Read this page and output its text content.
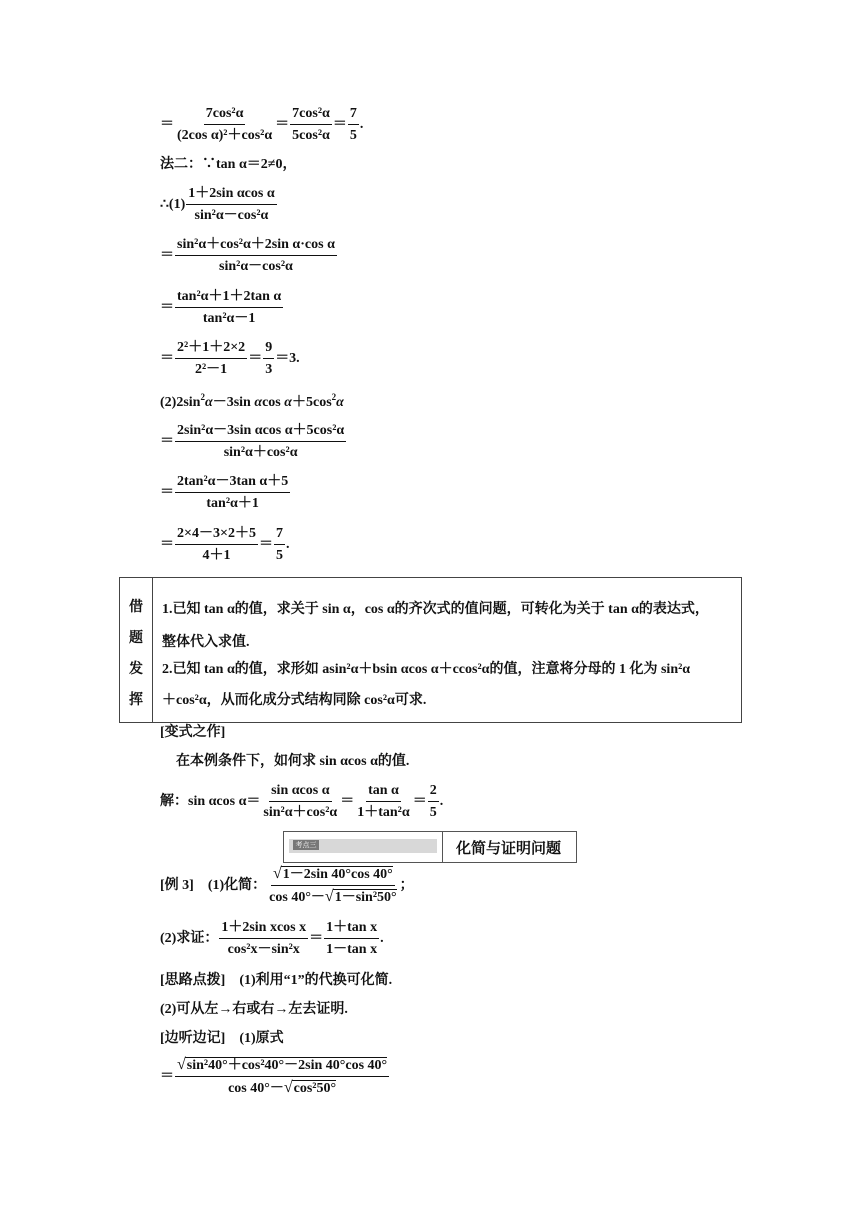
＝ $\frac{\text{7cos²α}}{\text{(2cos α)²＋cos²α}} = \frac{\text{7cos²α}}{\text{5cos²α}} = \frac{7}{5}$ .
法二：∵tan α＝2≠0，
∴(1) $\frac{\text{1＋2sin αcos α}}{\text{sin²α－cos²α}}$
＝ $\frac{\text{sin²α＋cos²α＋2sin α·cos α}}{\text{sin²α－cos²α}}$
＝ $\frac{\text{tan²α＋1＋2tan α}}{\text{tan²α－1}}$
＝ $\frac{\text{2²＋1＋2×2}}{\text{2²－1}} = \frac{9}{3} =3$.
$(2)2\sin^2\alpha-3\sin$ αcos $\alpha+5\cos^2\alpha$
＝ $\frac{\text{2sin²α－3sin αcos α＋5cos²α}}{\text{sin²α＋cos²α}}$
＝ $\frac{\text{2tan²α－3tan α＋5}}{\text{tan²α＋1}}$
＝ $\frac{2\times 4-3\times 2+5}{4+1} = \frac{7}{5}$ .
借
题
发
挥
1.已知 tan α的值，求关于 sin α，cos α的齐次式的值问题，可转化为关于 tan α的表达式，
整体代入求值.
2.已知 tan α的值，求形如 asin²α＋bsin αcos α＋ccos²α的值，注意将分母的 1 化为 sin²α
＋cos²α，从而化成分式结构同除 cos²α可求.
[变式之作]
在本例条件下，如何求 sin αcos α的值.
解：sin αcos $\alpha= \frac{\text{sin αcos α}}{\text{sin²α＋cos²α}} = \frac{\text{tan α}}{\text{1＋tan²α}} = \frac{2}{5}$ .
考点三	化简与证明问题
[例 3]　(1)化简： $\frac{√1-2\sin 40^\circ\cos 40^\circ}{\text{cos 40°－√1－sin²50°}}$ ；
(2)求证： $\frac{\text{1＋2sin xcos x}}{\text{cos²x－sin²x}} = \frac{\text{1＋tan x}}{\text{1－tan x}}$ .
[思路点拨]　 (1)利用“1”的代换可化简.
(2)可从左→右或右→左去证明.
[边听边记]　 (1)原式
＝ $\frac{\text{√sin²40°＋cos²40°－2sin 40°cos 40°}}{\text{cos 40°－√cos²50°}}$
